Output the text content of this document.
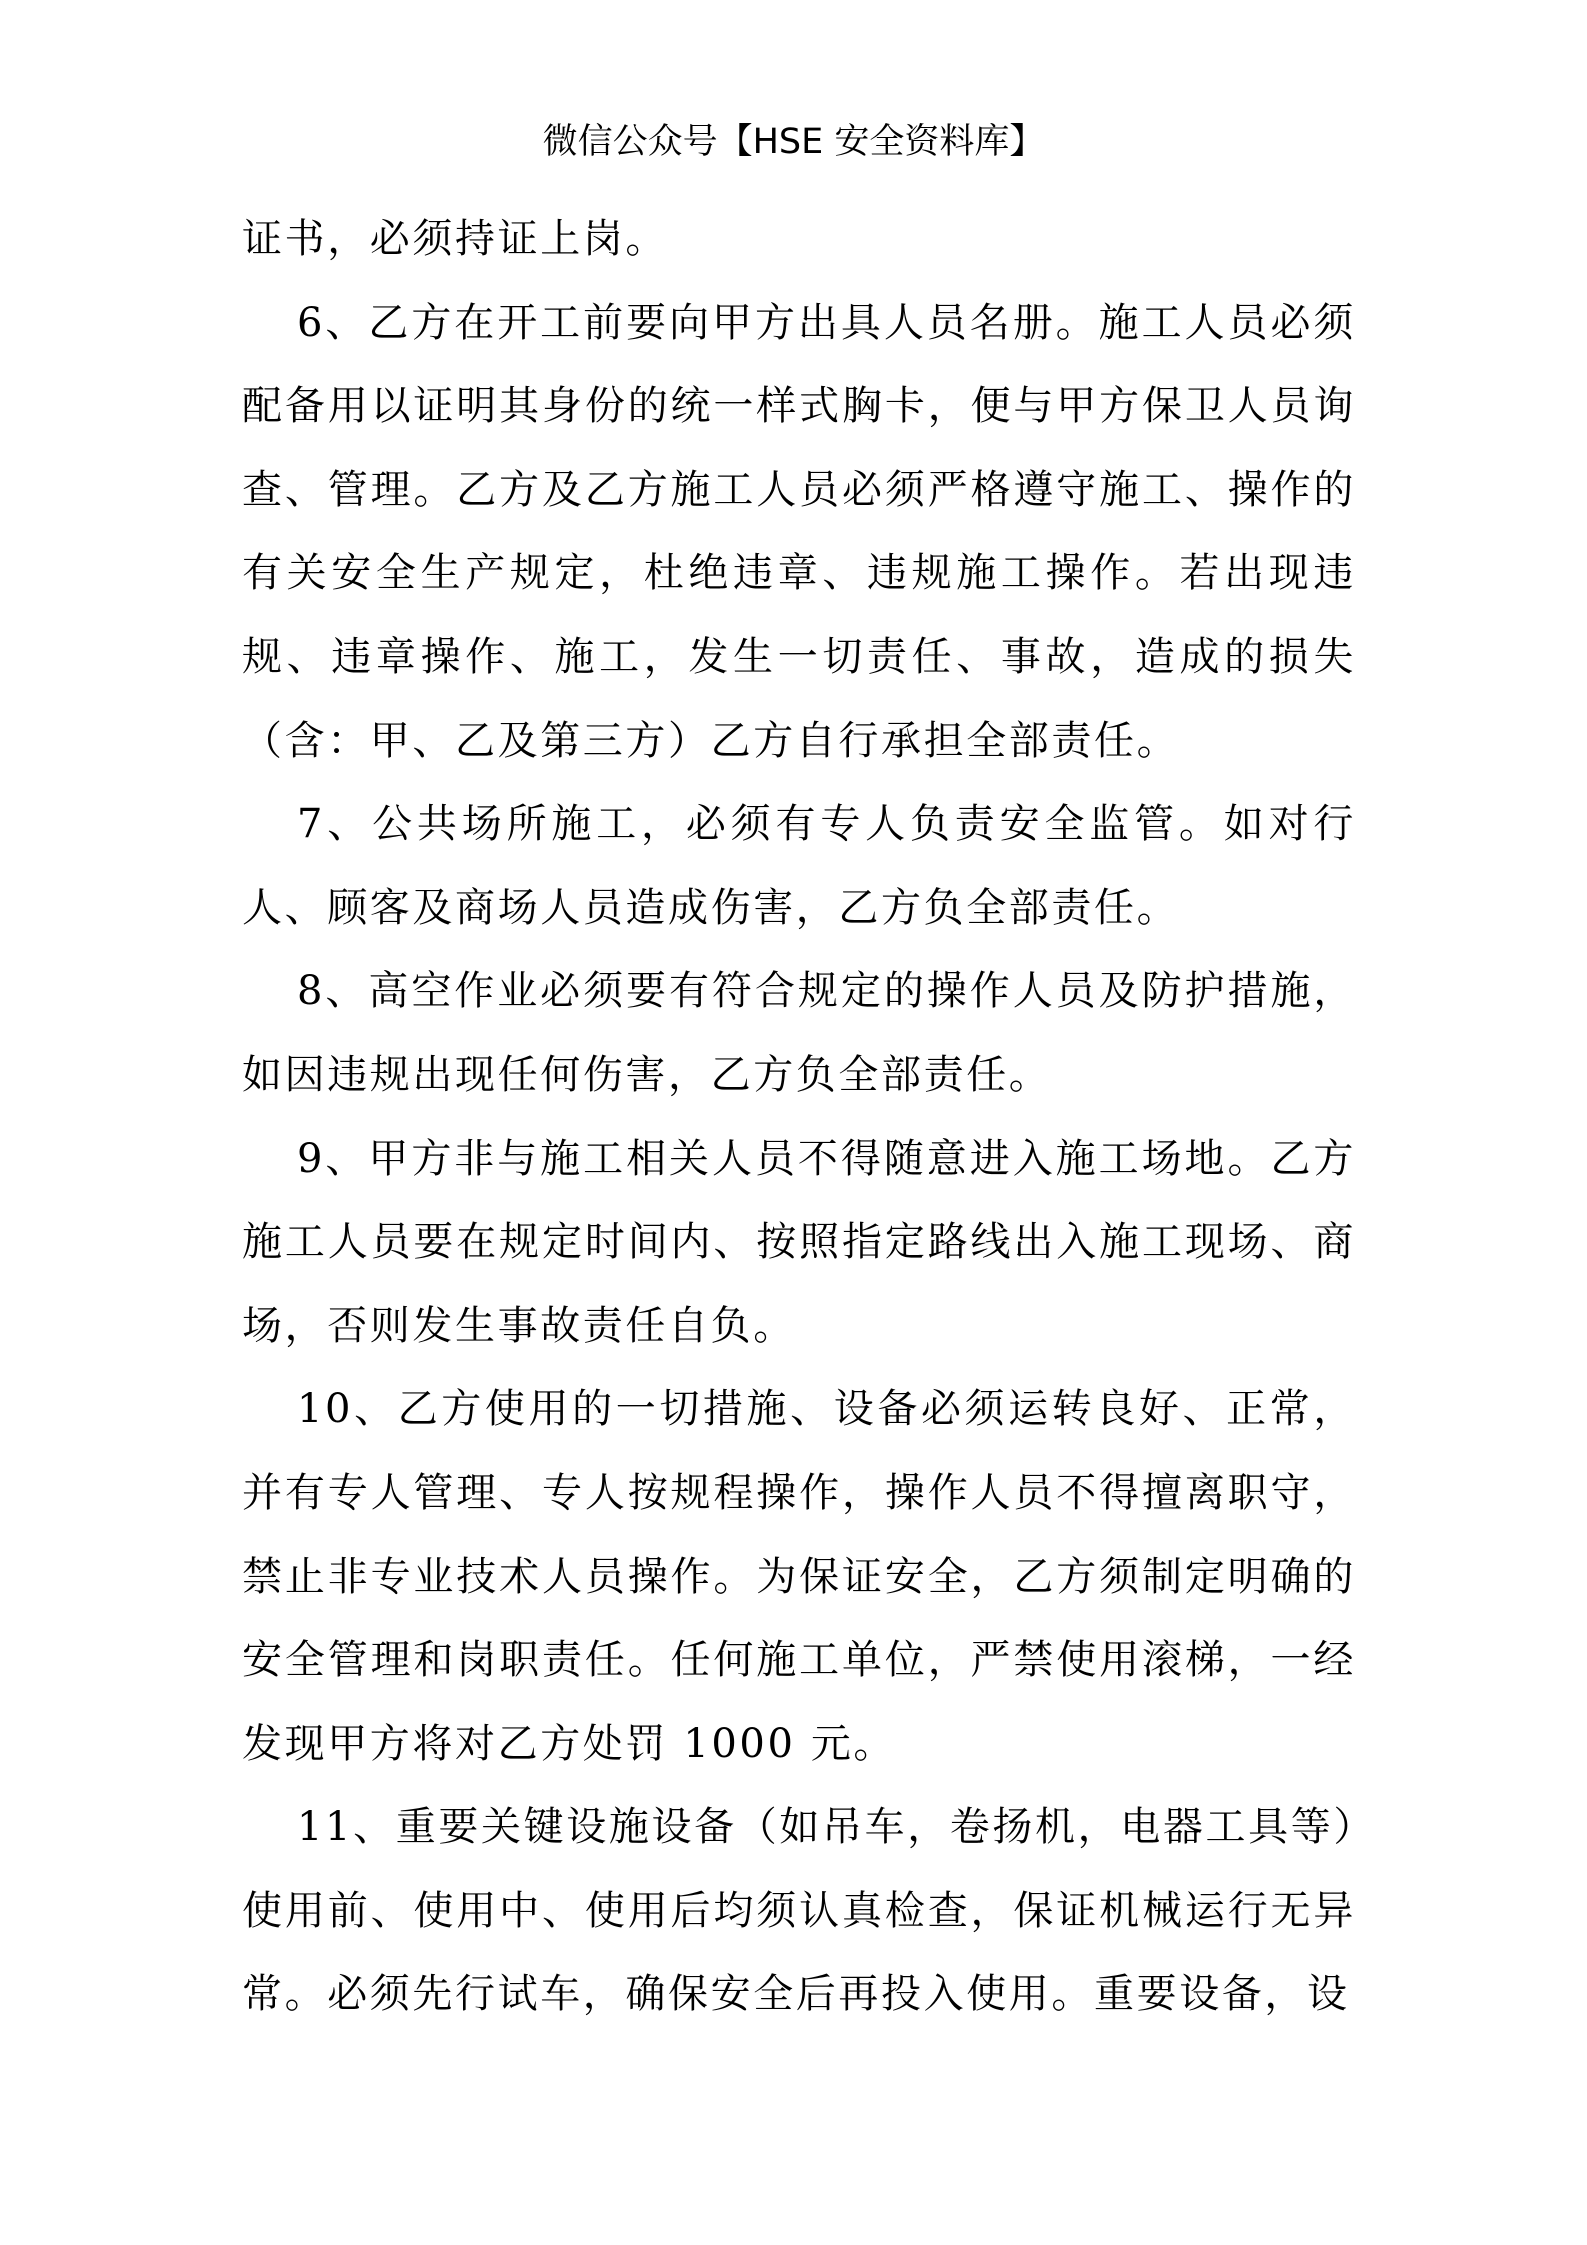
微信公众号【HSE 安全资料库】

证书，必须持证上岗。

6、乙方在开工前要向甲方出具人员名册。施工人员必须配备用以证明其身份的统一样式胸卡，便与甲方保卫人员询查、管理。乙方及乙方施工人员必须严格遵守施工、操作的有关安全生产规定，杜绝违章、违规施工操作。若出现违规、违章操作、施工，发生一切责任、事故，造成的损失（含：甲、乙及第三方）乙方自行承担全部责任。

7、公共场所施工，必须有专人负责安全监管。如对行人、顾客及商场人员造成伤害，乙方负全部责任。

8、高空作业必须要有符合规定的操作人员及防护措施，如因违规出现任何伤害，乙方负全部责任。

9、甲方非与施工相关人员不得随意进入施工场地。乙方施工人员要在规定时间内、按照指定路线出入施工现场、商场，否则发生事故责任自负。

10、乙方使用的一切措施、设备必须运转良好、正常，并有专人管理、专人按规程操作，操作人员不得擅离职守，禁止非专业技术人员操作。为保证安全，乙方须制定明确的安全管理和岗职责任。任何施工单位，严禁使用滚梯，一经发现甲方将对乙方处罚 1000 元。

11、重要关键设施设备（如吊车，卷扬机，电器工具等）使用前、使用中、使用后均须认真检查，保证机械运行无异常。必须先行试车，确保安全后再投入使用。重要设备，设
